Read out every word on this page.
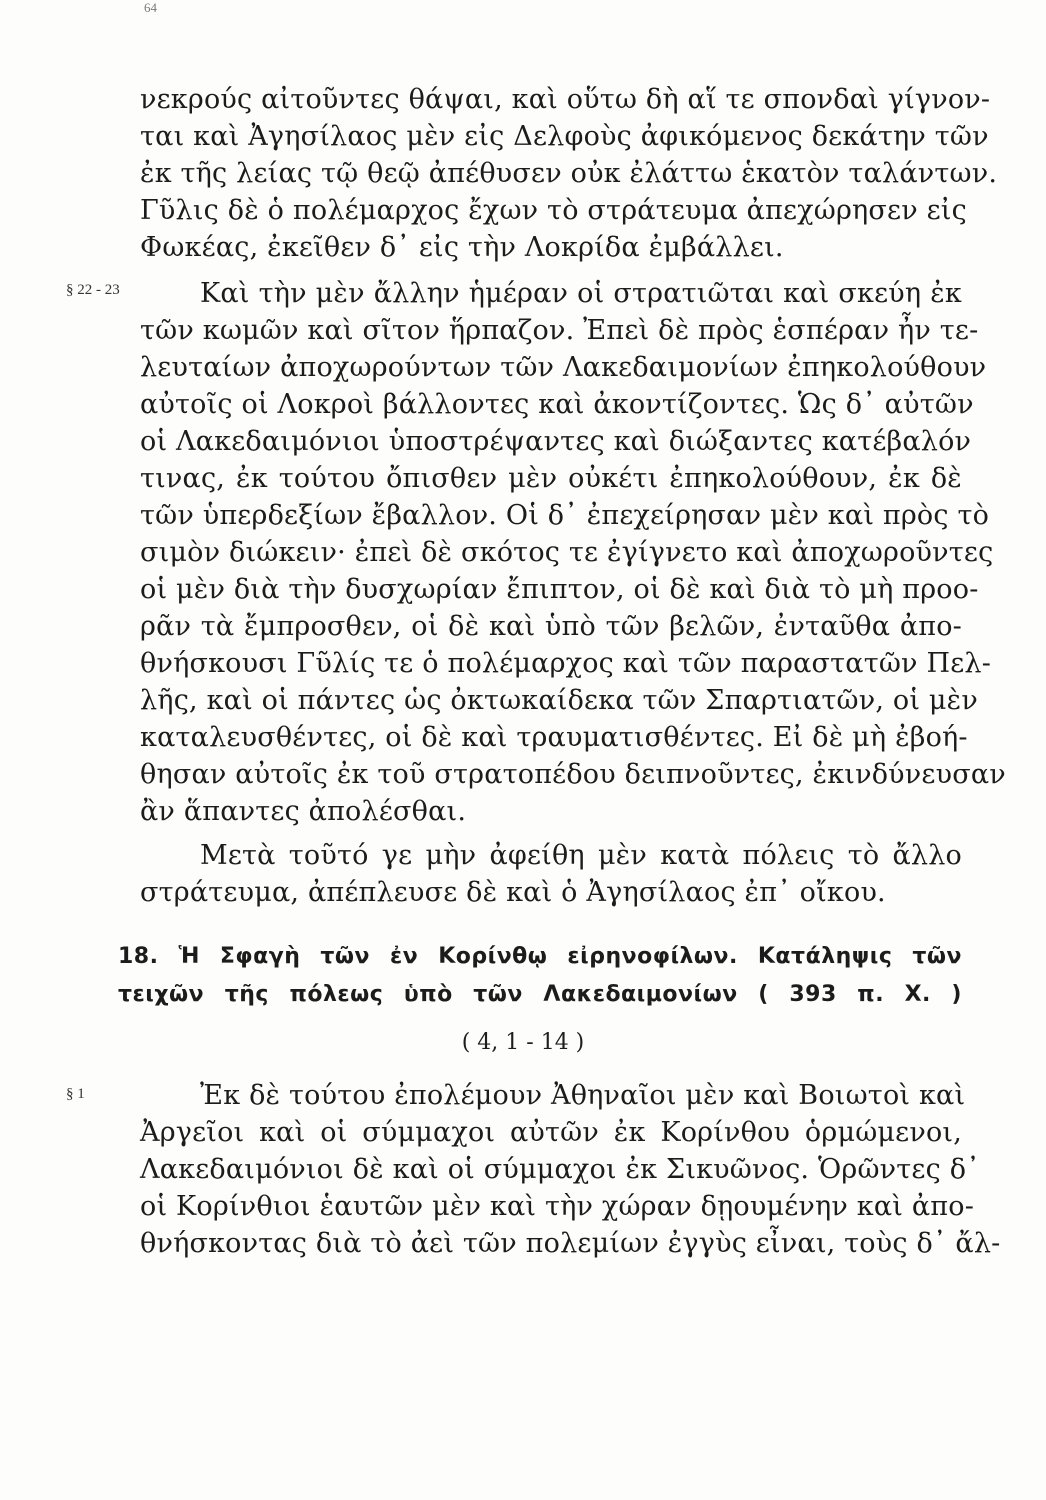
64
νεκρούς αἰτοῦντες θάψαι, καὶ οὕτω δὴ αἵ τε σπονδαὶ γίγνον-
ται καὶ Ἀγησίλαος μὲν εἰς Δελφοὺς ἀφικόμενος δεκάτην τῶν
ἐκ τῆς λείας τῷ θεῷ ἀπέθυσεν οὐκ ἐλάττω ἑκατὸν ταλάντων.
Γῦλις δὲ ὁ πολέμαρχος ἔχων τὸ στράτευμα ἀπεχώρησεν εἰς
Φωκέας, ἐκεῖθεν δ᾽ εἰς τὴν Λοκρίδα ἐμβάλλει.
§ 22 - 23	Καὶ τὴν μὲν ἄλλην ἡμέραν οἱ στρατιῶται καὶ σκεύη ἐκ
τῶν κωμῶν καὶ σῖτον ἥρπαζον. Ἐπεὶ δὲ πρὸς ἑσπέραν ἦν τε-
λευταίων ἀποχωρούντων τῶν Λακεδαιμονίων ἐπηκολούθουν
αὐτοῖς οἱ Λοκροὶ βάλλοντες καὶ ἀκοντίζοντες. Ὡς δ᾽ αὐτῶν
οἱ Λακεδαιμόνιοι ὑποστρέψαντες καὶ διώξαντες κατέβαλόν
τινας, ἐκ τούτου ὄπισθεν μὲν οὐκέτι ἐπηκολούθουν, ἐκ δὲ
τῶν ὑπερδεξίων ἔβαλλον. Οἱ δ᾽ ἐπεχείρησαν μὲν καὶ πρὸς τὸ
σιμὸν διώκειν· ἐπεὶ δὲ σκότος τε ἐγίγνετο καὶ ἀποχωροῦντες
οἱ μὲν διὰ τὴν δυσχωρίαν ἔπιπτον, οἱ δὲ καὶ διὰ τὸ μὴ προο-
ρᾶν τὰ ἔμπροσθεν, οἱ δὲ καὶ ὑπὸ τῶν βελῶν, ἐνταῦθα ἀπο-
θνήσκουσι Γῦλίς τε ὁ πολέμαρχος καὶ τῶν παραστατῶν Πελ-
λῆς, καὶ οἱ πάντες ὡς ὀκτωκαίδεκα τῶν Σπαρτιατῶν, οἱ μὲν
καταλευσθέντες, οἱ δὲ καὶ τραυματισθέντες. Εἰ δὲ μὴ ἐβοή-
θησαν αὐτοῖς ἐκ τοῦ στρατοπέδου δειπνοῦντες, ἐκινδύνευσαν
ἂν ἅπαντες ἀπολέσθαι.
Μετὰ τοῦτό γε μὴν ἀφείθη μὲν κατὰ πόλεις τὸ ἄλλο
στράτευμα, ἀπέπλευσε δὲ καὶ ὁ Ἀγησίλαος ἐπ᾽ οἴκου.
18. Ἡ Σφαγὴ τῶν ἐν Κορίνθῳ εἰρηνοφίλων. Κατάληψις τῶν
τειχῶν τῆς πόλεως ὑπὸ τῶν Λακεδαιμονίων ( 393 π. Χ. )
( 4, 1 - 14 )
§ 1	Ἐκ δὲ τούτου ἐπολέμουν Ἀθηναῖοι μὲν καὶ Βοιωτοὶ καὶ
Ἀργεῖοι καὶ οἱ σύμμαχοι αὐτῶν ἐκ Κορίνθου ὁρμώμενοι,
Λακεδαιμόνιοι δὲ καὶ οἱ σύμμαχοι ἐκ Σικυῶνος. Ὁρῶντες δ᾽
οἱ Κορίνθιοι ἑαυτῶν μὲν καὶ τὴν χώραν δῃουμένην καὶ ἀπο-
θνήσκοντας διὰ τὸ ἀεὶ τῶν πολεμίων ἐγγὺς εἶναι, τοὺς δ᾽ ἄλ-
